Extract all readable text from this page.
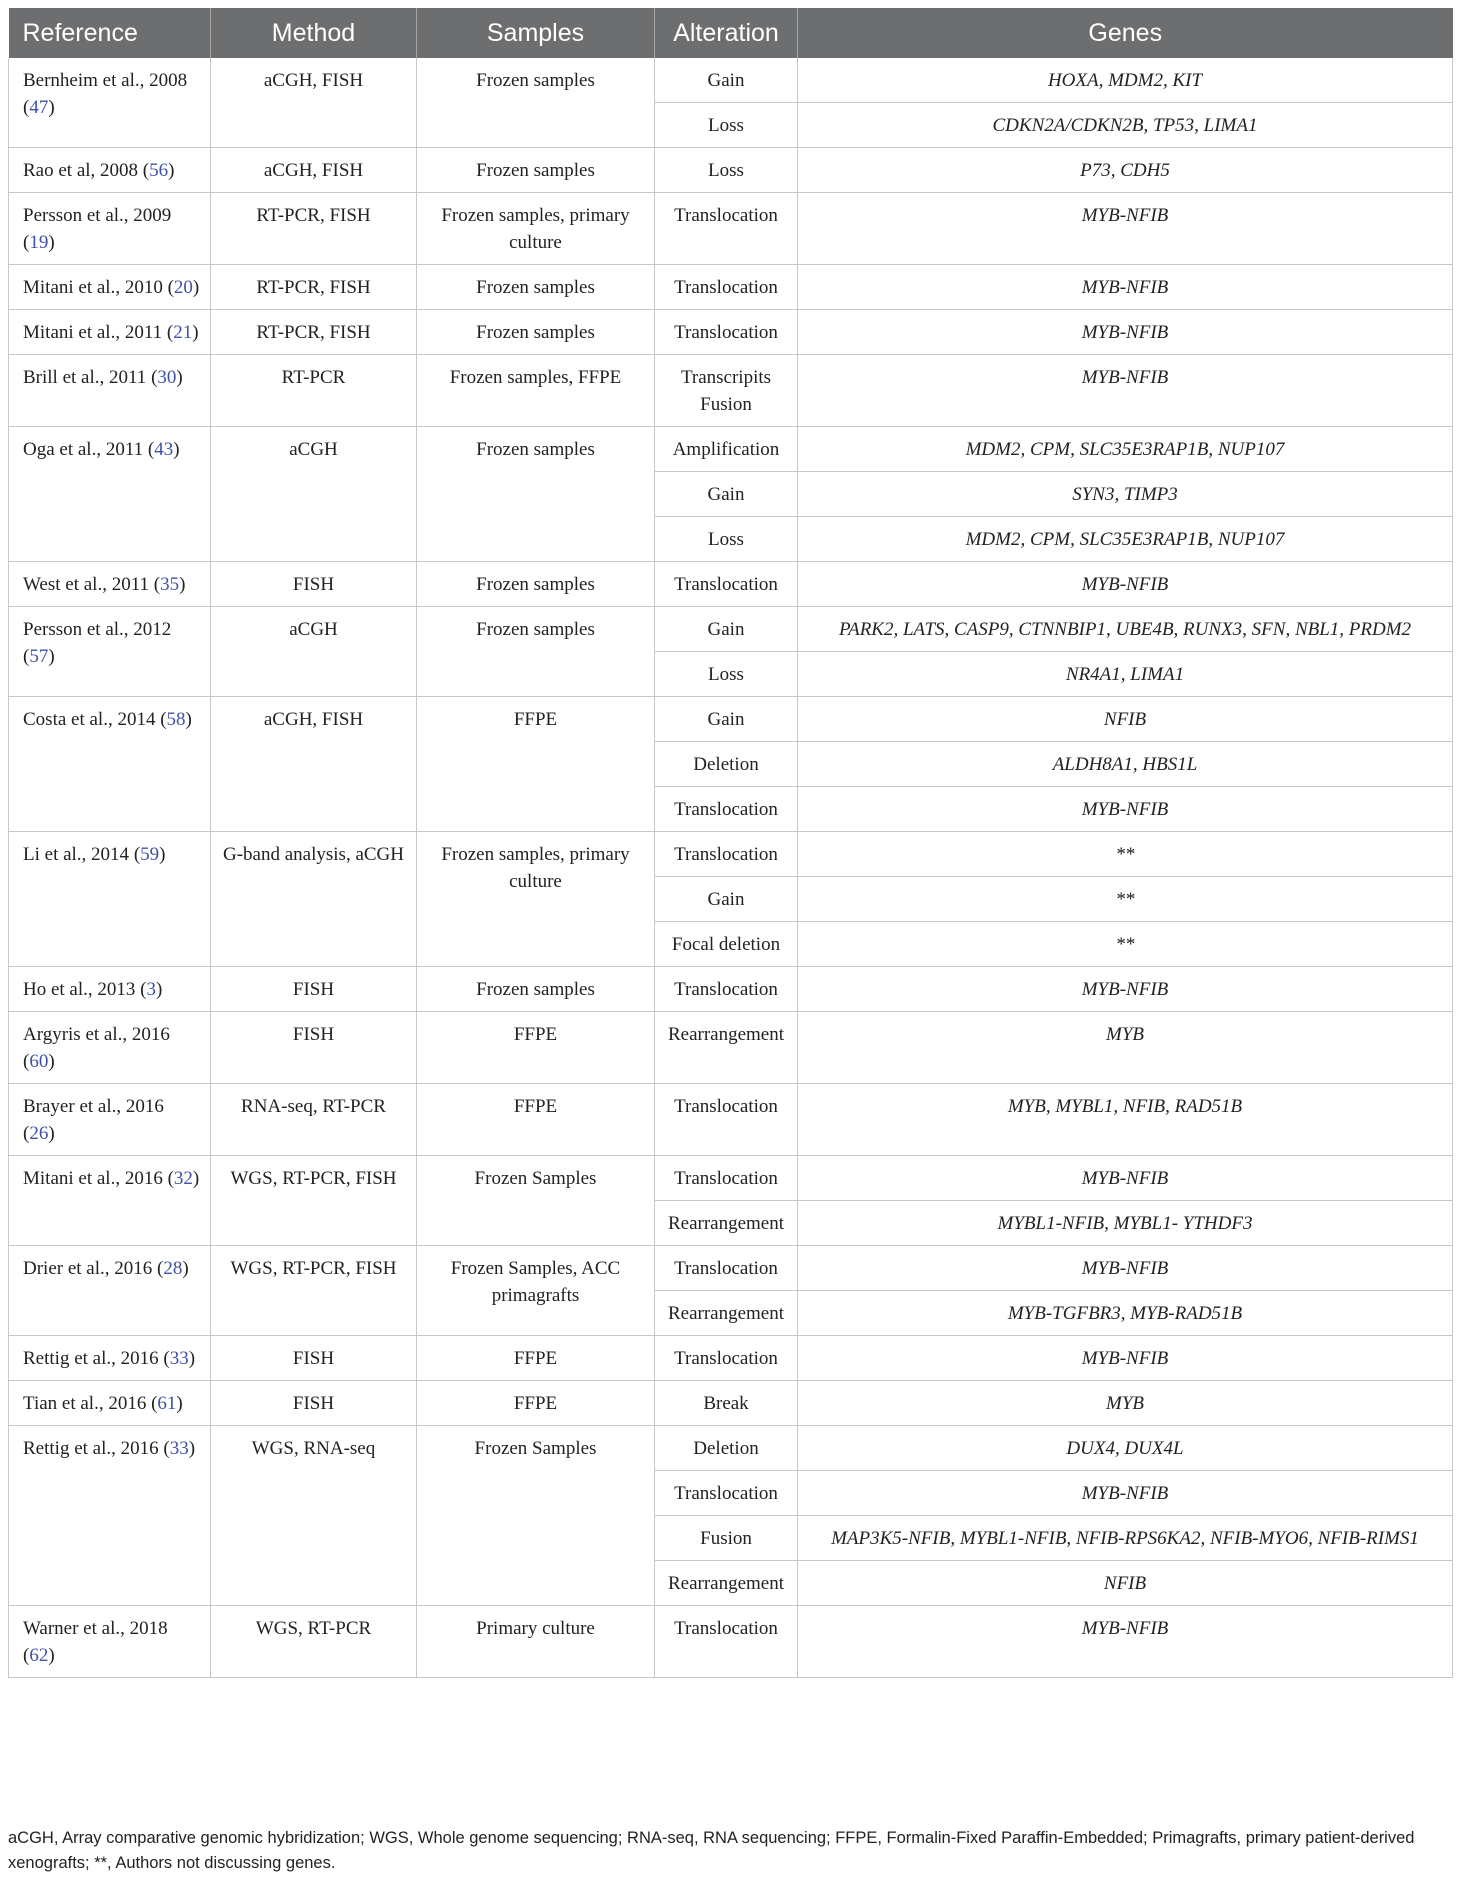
Reference	Method	Samples	Alteration	Genes
Bernheim et al., 2008 (47)	aCGH, FISH	Frozen samples	Gain	HOXA, MDM2, KIT
			Loss	CDKN2A/CDKN2B, TP53, LIMA1
Rao et al, 2008 (56)	aCGH, FISH	Frozen samples	Loss	P73, CDH5
Persson et al., 2009 (19)	RT-PCR, FISH	Frozen samples, primary culture	Translocation	MYB-NFIB
Mitani et al., 2010 (20)	RT-PCR, FISH	Frozen samples	Translocation	MYB-NFIB
Mitani et al., 2011 (21)	RT-PCR, FISH	Frozen samples	Translocation	MYB-NFIB
Brill et al., 2011 (30)	RT-PCR	Frozen samples, FFPE	Transcripits Fusion	MYB-NFIB
Oga et al., 2011 (43)	aCGH	Frozen samples	Amplification	MDM2, CPM, SLC35E3RAP1B, NUP107
			Gain	SYN3, TIMP3
			Loss	MDM2, CPM, SLC35E3RAP1B, NUP107
West et al., 2011 (35)	FISH	Frozen samples	Translocation	MYB-NFIB
Persson et al., 2012 (57)	aCGH	Frozen samples	Gain	PARK2, LATS, CASP9, CTNNBIP1, UBE4B, RUNX3, SFN, NBL1, PRDM2
			Loss	NR4A1, LIMA1
Costa et al., 2014 (58)	aCGH, FISH	FFPE	Gain	NFIB
			Deletion	ALDH8A1, HBS1L
			Translocation	MYB-NFIB
Li et al., 2014 (59)	G-band analysis, aCGH	Frozen samples, primary culture	Translocation	**
			Gain	**
			Focal deletion	**
Ho et al., 2013 (3)	FISH	Frozen samples	Translocation	MYB-NFIB
Argyris et al., 2016 (60)	FISH	FFPE	Rearrangement	MYB
Brayer et al., 2016 (26)	RNA-seq, RT-PCR	FFPE	Translocation	MYB, MYBL1, NFIB, RAD51B
Mitani et al., 2016 (32)	WGS, RT-PCR, FISH	Frozen Samples	Translocation	MYB-NFIB
			Rearrangement	MYBL1-NFIB, MYBL1- YTHDF3
Drier et al., 2016 (28)	WGS, RT-PCR, FISH	Frozen Samples, ACC primagrafts	Translocation	MYB-NFIB
			Rearrangement	MYB-TGFBR3, MYB-RAD51B
Rettig et al., 2016 (33)	FISH	FFPE	Translocation	MYB-NFIB
Tian et al., 2016 (61)	FISH	FFPE	Break	MYB
Rettig et al., 2016 (33)	WGS, RNA-seq	Frozen Samples	Deletion	DUX4, DUX4L
			Translocation	MYB-NFIB
			Fusion	MAP3K5-NFIB, MYBL1-NFIB, NFIB-RPS6KA2, NFIB-MYO6, NFIB-RIMS1
			Rearrangement	NFIB
Warner et al., 2018 (62)	WGS, RT-PCR	Primary culture	Translocation	MYB-NFIB
aCGH, Array comparative genomic hybridization; WGS, Whole genome sequencing; RNA-seq, RNA sequencing; FFPE, Formalin-Fixed Paraffin-Embedded; Primagrafts, primary patient-derived xenografts; **, Authors not discussing genes.
